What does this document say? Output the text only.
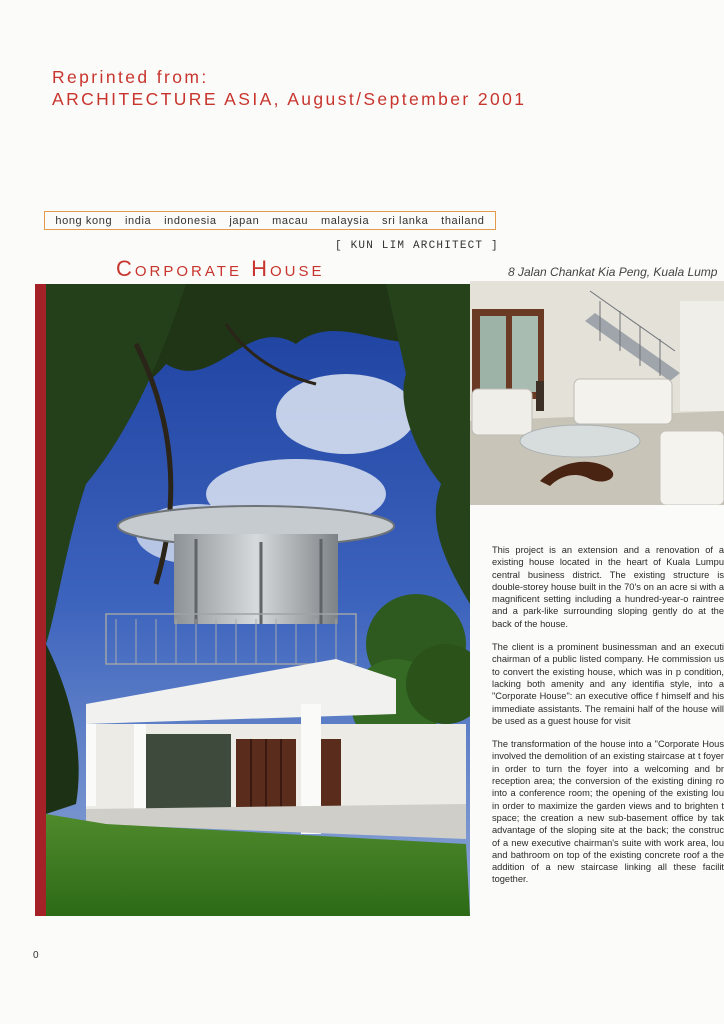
Reprinted from:
ARCHITECTURE ASIA, August/September 2001
hong kong india indonesia japan macau malaysia sri lanka thailand
[ KUN LIM ARCHITECT ]
Corporate House	8 Jalan Chankat Kia Peng, Kuala Lump

This project is an extension and a renovation of a existing house located in the heart of Kuala Lumpu central business district. The existing structure is double-storey house built in the 70's on an acre si with a magnificent setting including a hundred-year-o raintree and a park-like surrounding sloping gently do at the back of the house.

The client is a prominent businessman and an executi chairman of a public listed company. He commission us to convert the existing house, which was in p condition, lacking both amenity and any identifia style, into a "Corporate House": an executive office f himself and his immediate assistants. The remaini half of the house will be used as a guest house for visit

The transformation of the house into a "Corporate Hous involved the demolition of an existing staircase at t foyer in order to turn the foyer into a welcoming and br reception area; the conversion of the existing dining ro into a conference room; the opening of the existing lou in order to maximize the garden views and to brighten t space; the creation a new sub-basement office by tak advantage of the sloping site at the back; the construc of a new executive chairman's suite with work area, lou and bathroom on top of the existing concrete roof a the addition of a new staircase linking all these facilit together.

0
